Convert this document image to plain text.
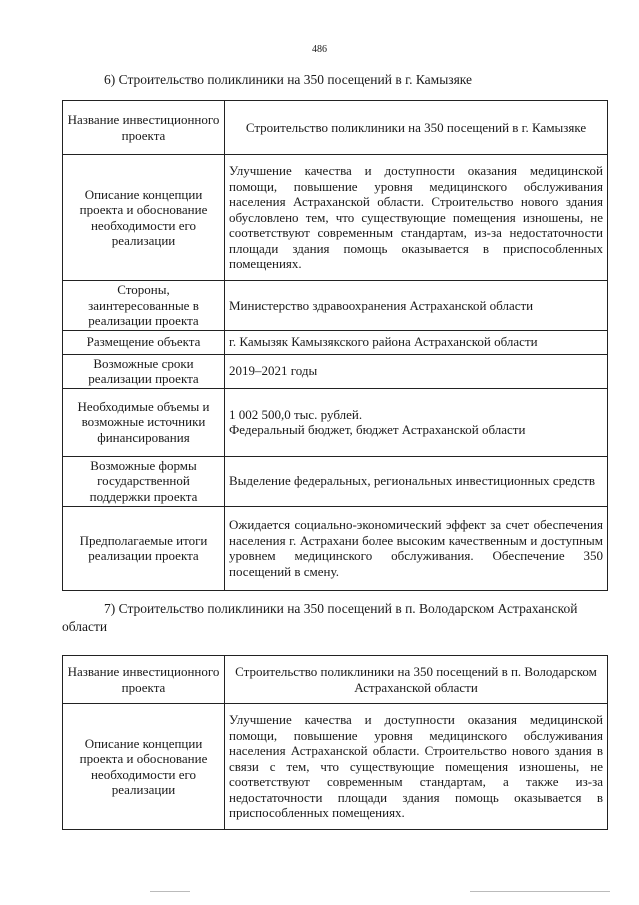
486
6) Строительство поликлиники на 350 посещений в г. Камызяке
Название инвестиционного проекта	Строительство поликлиники на 350 посещений в г. Камызяке
Описание концепции проекта и обоснование необходимости его реализации	Улучшение качества и доступности оказания медицинской помощи, повышение уровня медицинского обслуживания населения Астраханской области. Строительство нового здания обусловлено тем, что существующие помещения изношены, не соответствуют современным стандартам, из-за недостаточности площади здания помощь оказывается в приспособленных помещениях.
Стороны, заинтересованные в реализации проекта	Министерство здравоохранения Астраханской области
Размещение объекта	г. Камызяк Камызякского района Астраханской области
Возможные сроки реализации проекта	2019–2021 годы
Необходимые объемы и возможные источники финансирования	1 002 500,0 тыс. рублей.
Федеральный бюджет, бюджет Астраханской области
Возможные формы государственной поддержки проекта	Выделение федеральных, региональных инвестиционных средств
Предполагаемые итоги реализации проекта	Ожидается социально-экономический эффект за счет обеспечения населения г. Астрахани более высоким качественным и доступным уровнем медицинского обслуживания. Обеспечение 350 посещений в смену.
7) Строительство поликлиники на 350 посещений в п. Володарском Астраханской области
Название инвестиционного проекта	Строительство поликлиники на 350 посещений в п. Володарском Астраханской области
Описание концепции проекта и обоснование необходимости его реализации	Улучшение качества и доступности оказания медицинской помощи, повышение уровня медицинского обслуживания населения Астраханской области. Строительство нового здания в связи с тем, что существующие помещения изношены, не соответствуют современным стандартам, а также из-за недостаточности площади здания помощь оказывается в приспособленных помещениях.
